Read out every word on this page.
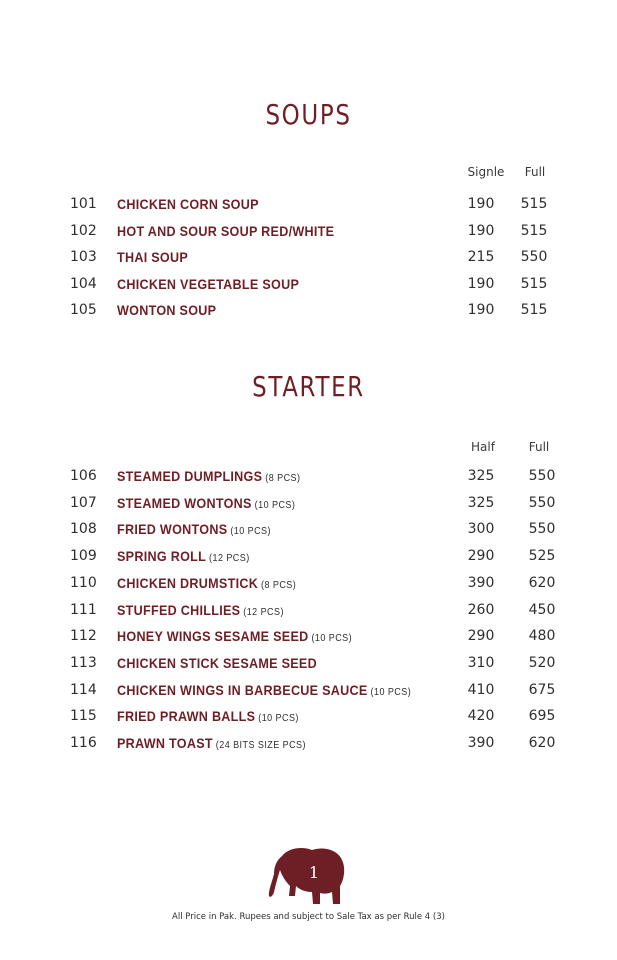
SOUPS
Signle	Full
101 CHICKEN CORN SOUP	190	515
102 HOT AND SOUR SOUP RED/WHITE	190	515
103 THAI SOUP	215	550
104 CHICKEN VEGETABLE SOUP	190	515
105 WONTON SOUP	190	515
STARTER
Half	Full
106 STEAMED DUMPLINGS (8 PCS)	325	550
107 STEAMED WONTONS (10 PCS)	325	550
108 FRIED WONTONS (10 PCS)	300	550
109 SPRING ROLL (12 PCS)	290	525
110 CHICKEN DRUMSTICK (8 PCS)	390	620
111 STUFFED CHILLIES (12 PCS)	260	450
112 HONEY WINGS SESAME SEED (10 PCS)	290	480
113 CHICKEN STICK SESAME SEED	310	520
114 CHICKEN WINGS IN BARBECUE SAUCE (10 PCS)	410	675
115 FRIED PRAWN BALLS (10 PCS)	420	695
116 PRAWN TOAST (24 BITS SIZE PCS)	390	620
1
All Price in Pak. Rupees and subject to Sale Tax as per Rule 4 (3)
